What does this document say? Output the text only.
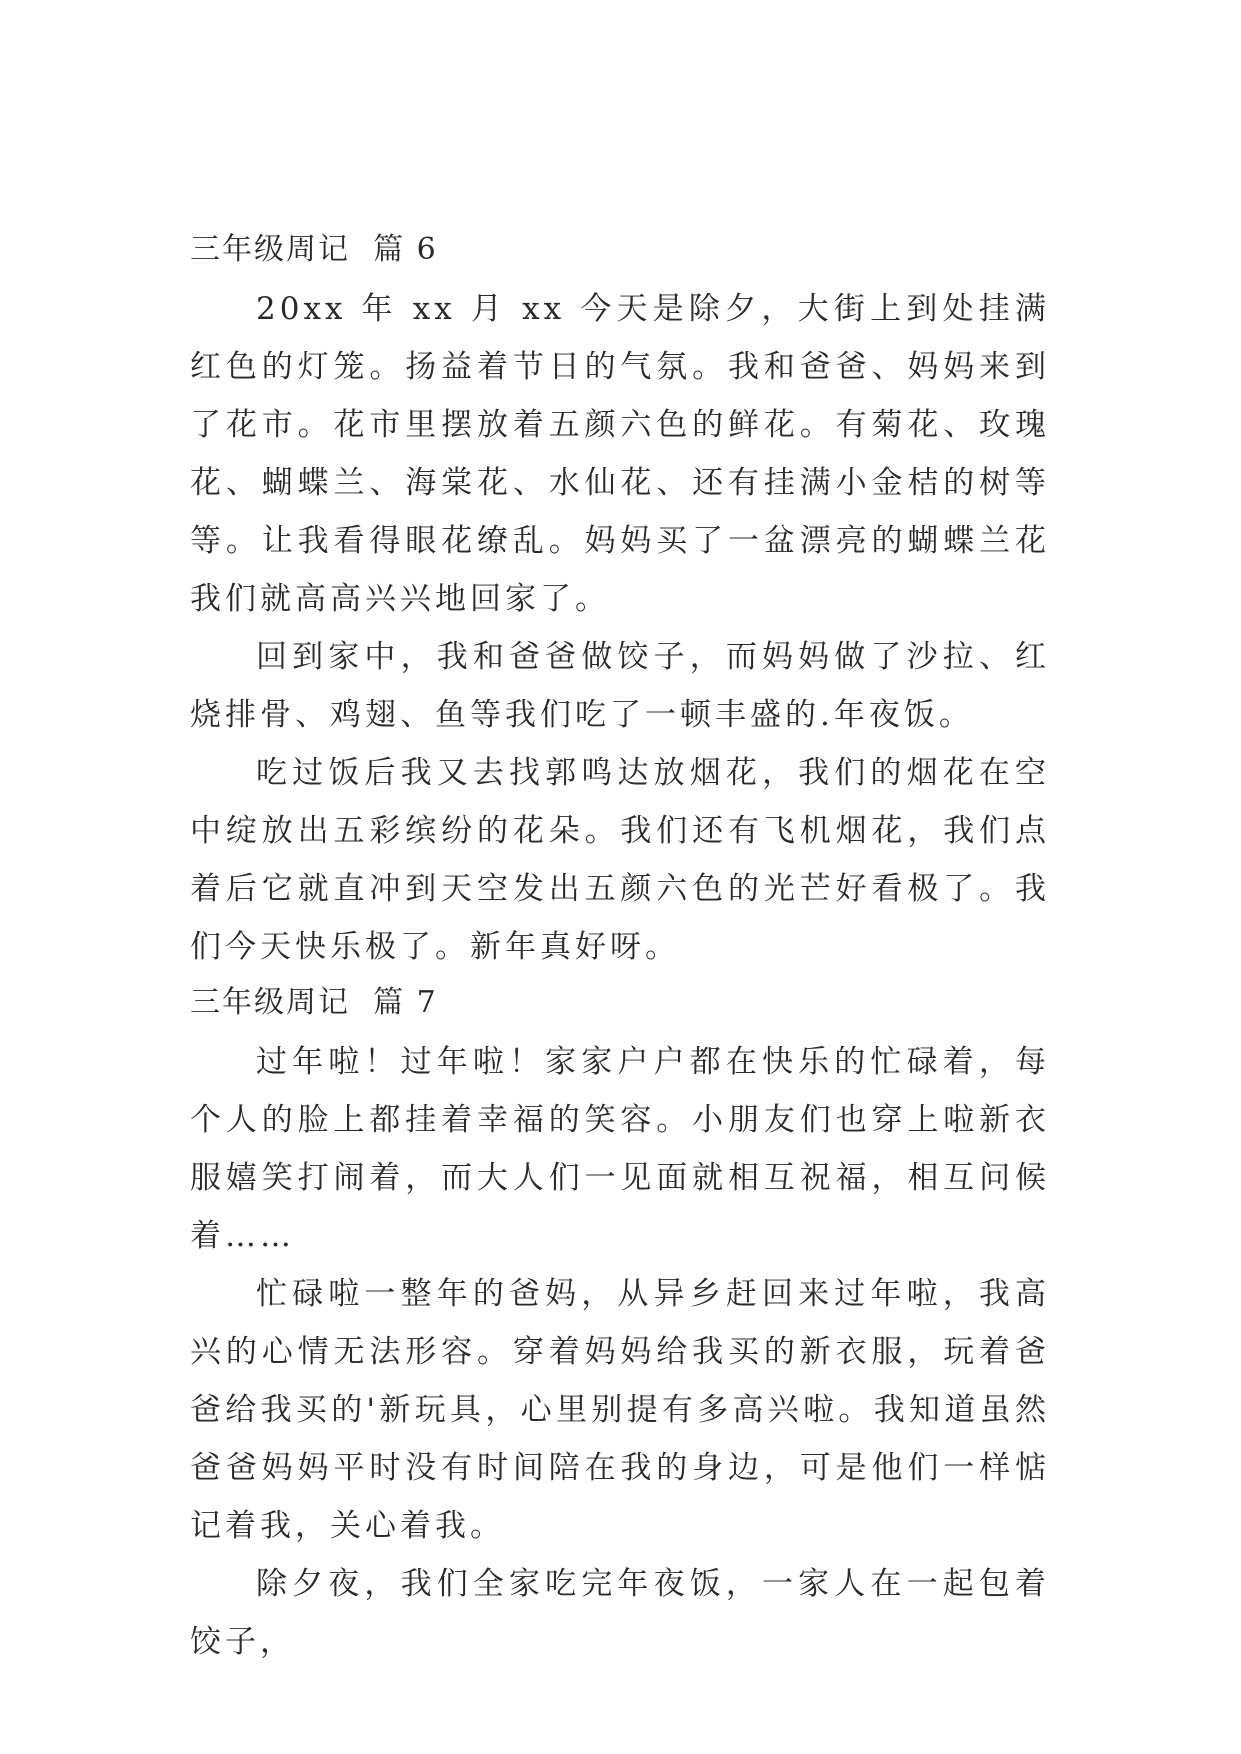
三年级周记  篇 6

20xx 年 xx 月 xx 今天是除夕，大街上到处挂满红色的灯笼。扬益着节日的气氛。我和爸爸、妈妈来到了花市。花市里摆放着五颜六色的鲜花。有菊花、玫瑰花、蝴蝶兰、海棠花、水仙花、还有挂满小金桔的树等等。让我看得眼花缭乱。妈妈买了一盆漂亮的蝴蝶兰花我们就高高兴兴地回家了。

回到家中，我和爸爸做饺子，而妈妈做了沙拉、红烧排骨、鸡翅、鱼等我们吃了一顿丰盛的.年夜饭。

吃过饭后我又去找郭鸣达放烟花，我们的烟花在空中绽放出五彩缤纷的花朵。我们还有飞机烟花，我们点着后它就直冲到天空发出五颜六色的光芒好看极了。我们今天快乐极了。新年真好呀。

三年级周记  篇 7

过年啦！过年啦！家家户户都在快乐的忙碌着，每个人的脸上都挂着幸福的笑容。小朋友们也穿上啦新衣服嬉笑打闹着，而大人们一见面就相互祝福，相互问候着……

忙碌啦一整年的爸妈，从异乡赶回来过年啦，我高兴的心情无法形容。穿着妈妈给我买的新衣服，玩着爸爸给我买的'新玩具，心里别提有多高兴啦。我知道虽然爸爸妈妈平时没有时间陪在我的身边，可是他们一样惦记着我，关心着我。

除夕夜，我们全家吃完年夜饭，一家人在一起包着饺子，
